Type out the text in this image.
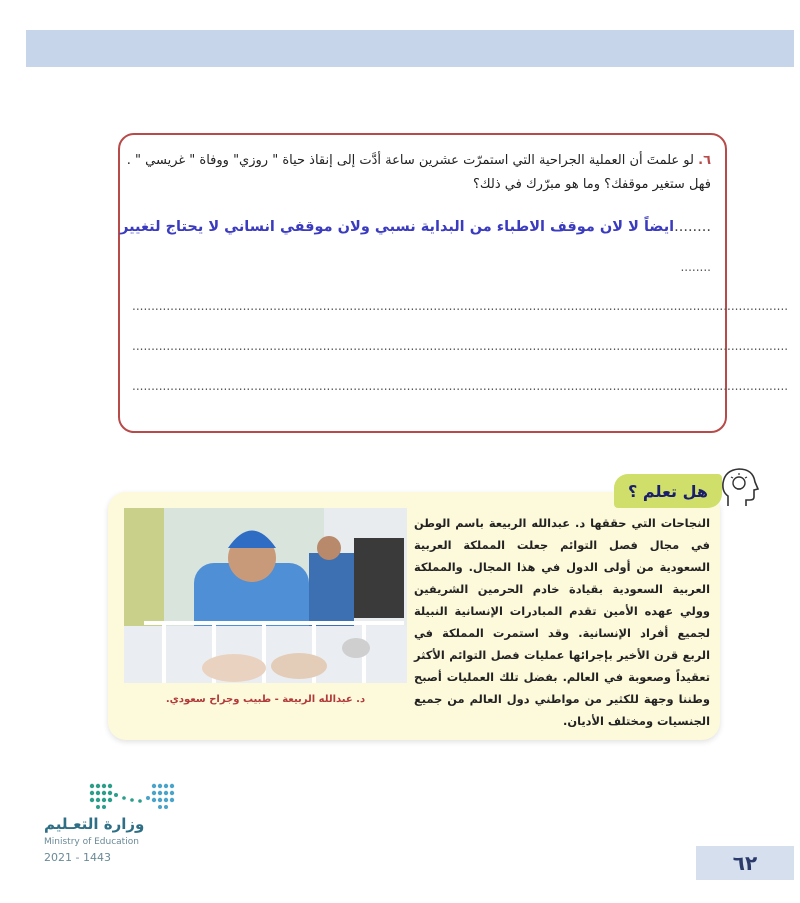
٦. لو علمتَ أن العملية الجراحية التي استمرّت عشرين ساعة أدَّت إلى إنقاذ حياة " روزي" ووفاة " غريسي " . فهل ستغير موقفك؟ وما هو مبرّرك في ذلك؟
........ايضاً لا لان موقف الاطباء من البداية نسبي ولان موقفي انساني لا يحتاج لتغيير
........
............................................................................................................................................................................
............................................................................................................................................................................
............................................................................................................................................................................
هل تعلم ؟
د. عبدالله الربيعة - طبيب وجراح سعودي.
النجاحات التي حققها د. عبدالله الربيعة باسم الوطن في مجال فصل التوائم جعلت المملكة العربية السعودية من أولى الدول في هذا المجال. والمملكة العربية السعودية بقيادة خادم الحرمين الشريفين وولي عهده الأمين تقدم المبادرات الإنسانية النبيلة لجميع أفراد الإنسانية. وقد استمرت المملكة في الربع قرن الأخير بإجرائها عمليات فصل التوائم الأكثر تعقيداً وصعوبة في العالم. بفضل تلك العمليات أصبح وطننا وجهة للكثير من مواطني دول العالم من جميع الجنسيات ومختلف الأديان.
وزارة التعـليم
Ministry of Education
2021 - 1443	٦٢
